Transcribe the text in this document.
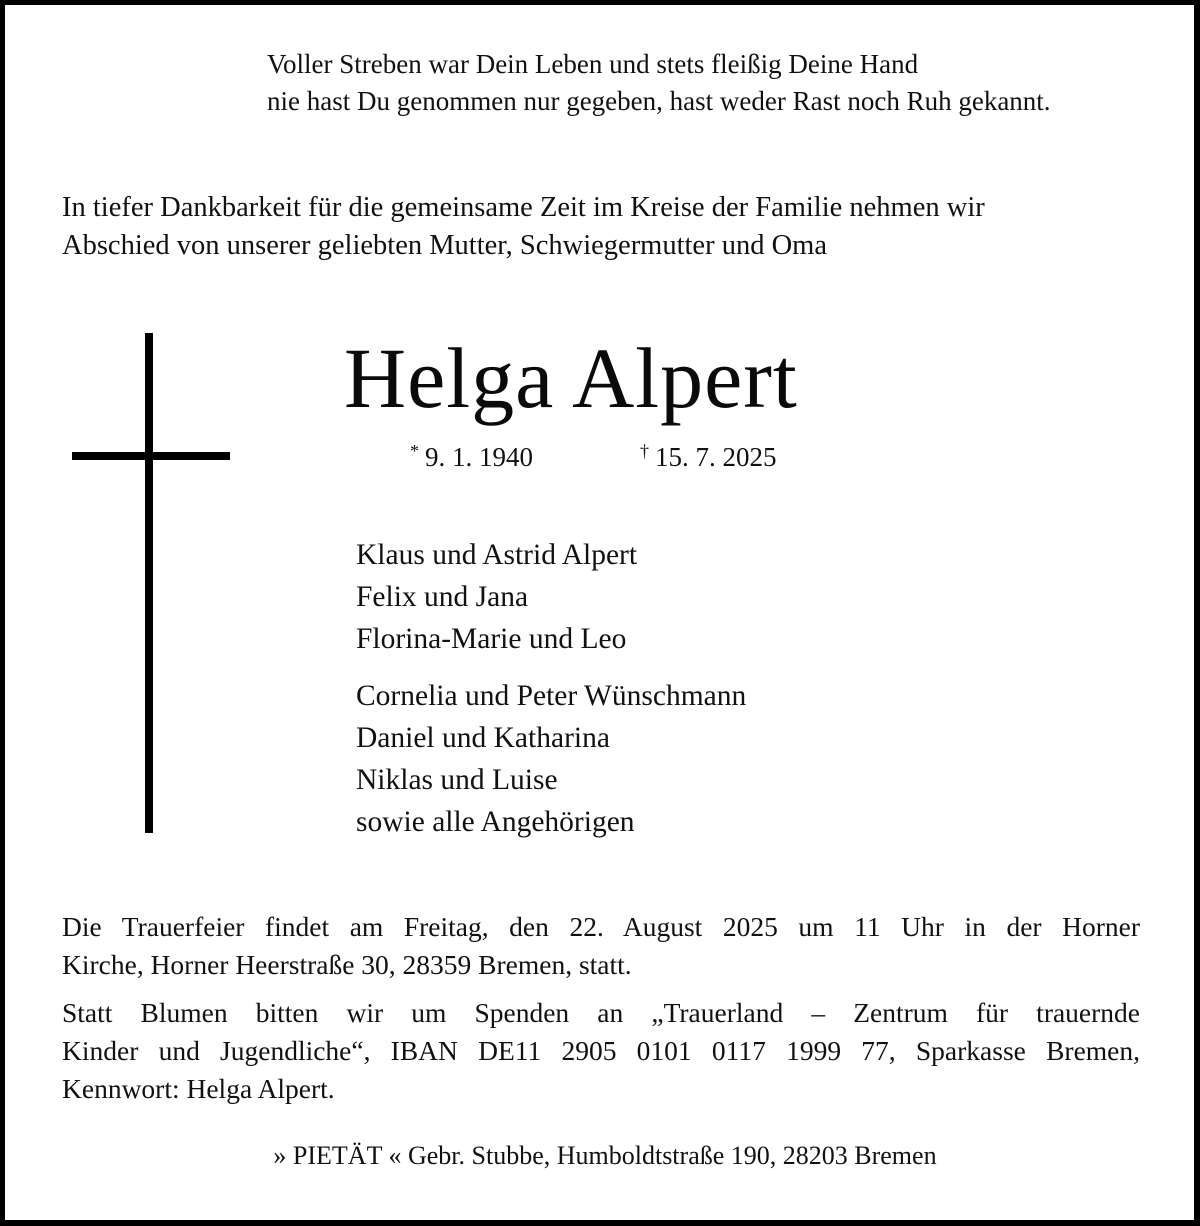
Voller Streben war Dein Leben und stets fleißig Deine Hand
nie hast Du genommen nur gegeben, hast weder Rast noch Ruh gekannt.
In tiefer Dankbarkeit für die gemeinsame Zeit im Kreise der Familie nehmen wir
Abschied von unserer geliebten Mutter, Schwiegermutter und Oma
Helga Alpert
* 9. 1. 1940	† 15. 7. 2025
Klaus und Astrid Alpert
Felix und Jana
Florina-Marie und Leo
Cornelia und Peter Wünschmann
Daniel und Katharina
Niklas und Luise
sowie alle Angehörigen
Die Trauerfeier findet am Freitag, den 22. August 2025 um 11 Uhr in der Horner
Kirche, Horner Heerstraße 30, 28359 Bremen, statt.
Statt Blumen bitten wir um Spenden an „Trauerland – Zentrum für trauernde
Kinder und Jugendliche“, IBAN DE11 2905 0101 0117 1999 77, Sparkasse Bremen,
Kennwort: Helga Alpert.
» PIETÄT « Gebr. Stubbe, Humboldtstraße 190, 28203 Bremen
